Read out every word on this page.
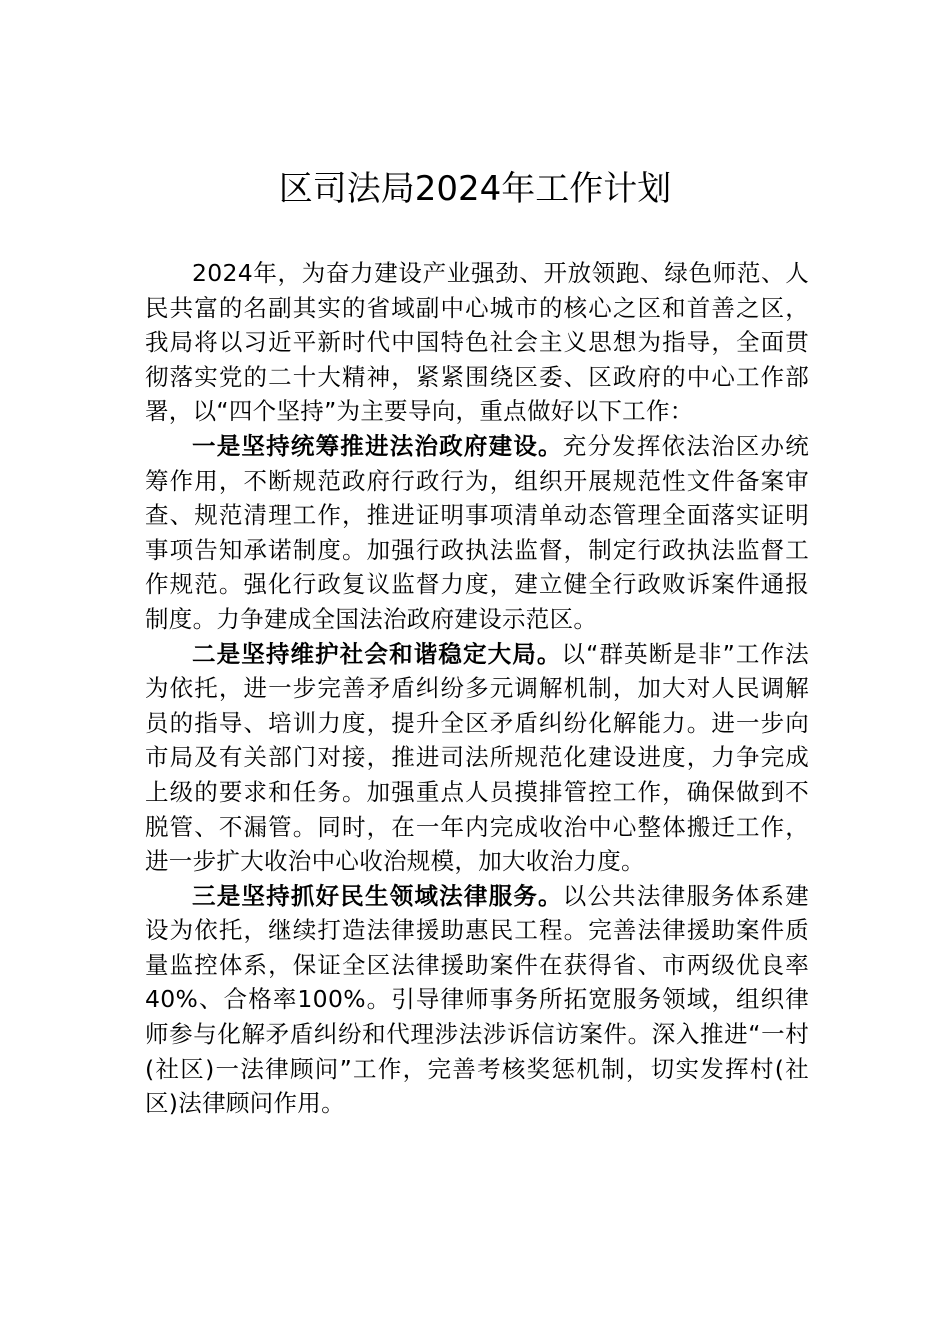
区司法局2024年工作计划

2024年，为奋力建设产业强劲、开放领跑、绿色师范、人民共富的名副其实的省域副中心城市的核心之区和首善之区，我局将以习近平新时代中国特色社会主义思想为指导，全面贯彻落实党的二十大精神，紧紧围绕区委、区政府的中心工作部署，以“四个坚持”为主要导向，重点做好以下工作：

一是坚持统筹推进法治政府建设。充分发挥依法治区办统筹作用，不断规范政府行政行为，组织开展规范性文件备案审查、规范清理工作，推进证明事项清单动态管理全面落实证明事项告知承诺制度。加强行政执法监督，制定行政执法监督工作规范。强化行政复议监督力度，建立健全行政败诉案件通报制度。力争建成全国法治政府建设示范区。

二是坚持维护社会和谐稳定大局。以“群英断是非”工作法为依托，进一步完善矛盾纠纷多元调解机制，加大对人民调解员的指导、培训力度，提升全区矛盾纠纷化解能力。进一步向市局及有关部门对接，推进司法所规范化建设进度，力争完成上级的要求和任务。加强重点人员摸排管控工作，确保做到不脱管、不漏管。同时，在一年内完成收治中心整体搬迁工作，进一步扩大收治中心收治规模，加大收治力度。

三是坚持抓好民生领域法律服务。以公共法律服务体系建设为依托，继续打造法律援助惠民工程。完善法律援助案件质量监控体系，保证全区法律援助案件在获得省、市两级优良率40%、合格率100%。引导律师事务所拓宽服务领域，组织律师参与化解矛盾纠纷和代理涉法涉诉信访案件。深入推进“一村(社区)一法律顾问”工作，完善考核奖惩机制，切实发挥村(社区)法律顾问作用。
